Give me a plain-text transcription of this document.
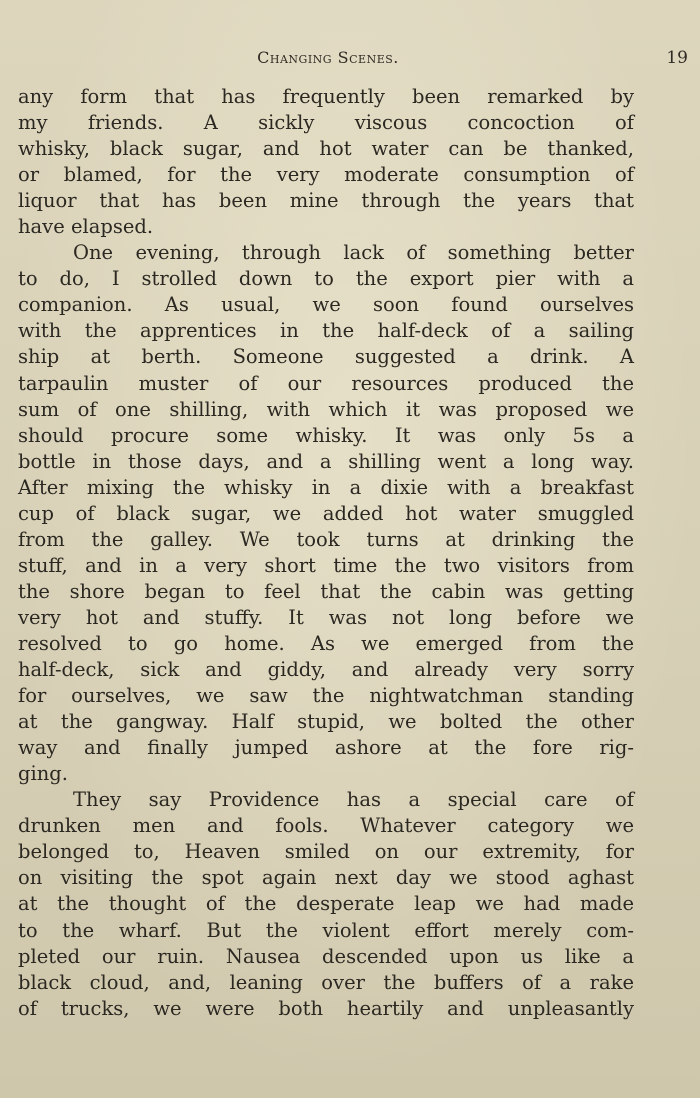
Changing Scenes.	19
any form that has frequently been remarked by
my friends. A sickly viscous concoction of
whisky, black sugar, and hot water can be thanked,
or blamed, for the very moderate consumption of
liquor that has been mine through the years that
have elapsed.
One evening, through lack of something better
to do, I strolled down to the export pier with a
companion. As usual, we soon found ourselves
with the apprentices in the half-deck of a sailing
ship at berth. Someone suggested a drink. A
tarpaulin muster of our resources produced the
sum of one shilling, with which it was proposed we
should procure some whisky. It was only 5s a
bottle in those days, and a shilling went a long way.
After mixing the whisky in a dixie with a breakfast
cup of black sugar, we added hot water smuggled
from the galley. We took turns at drinking the
stuff, and in a very short time the two visitors from
the shore began to feel that the cabin was getting
very hot and stuffy. It was not long before we
resolved to go home. As we emerged from the
half-deck, sick and giddy, and already very sorry
for ourselves, we saw the nightwatchman standing
at the gangway. Half stupid, we bolted the other
way and finally jumped ashore at the fore rig-
ging.
They say Providence has a special care of
drunken men and fools. Whatever category we
belonged to, Heaven smiled on our extremity, for
on visiting the spot again next day we stood aghast
at the thought of the desperate leap we had made
to the wharf. But the violent effort merely com-
pleted our ruin. Nausea descended upon us like a
black cloud, and, leaning over the buffers of a rake
of trucks, we were both heartily and unpleasantly
